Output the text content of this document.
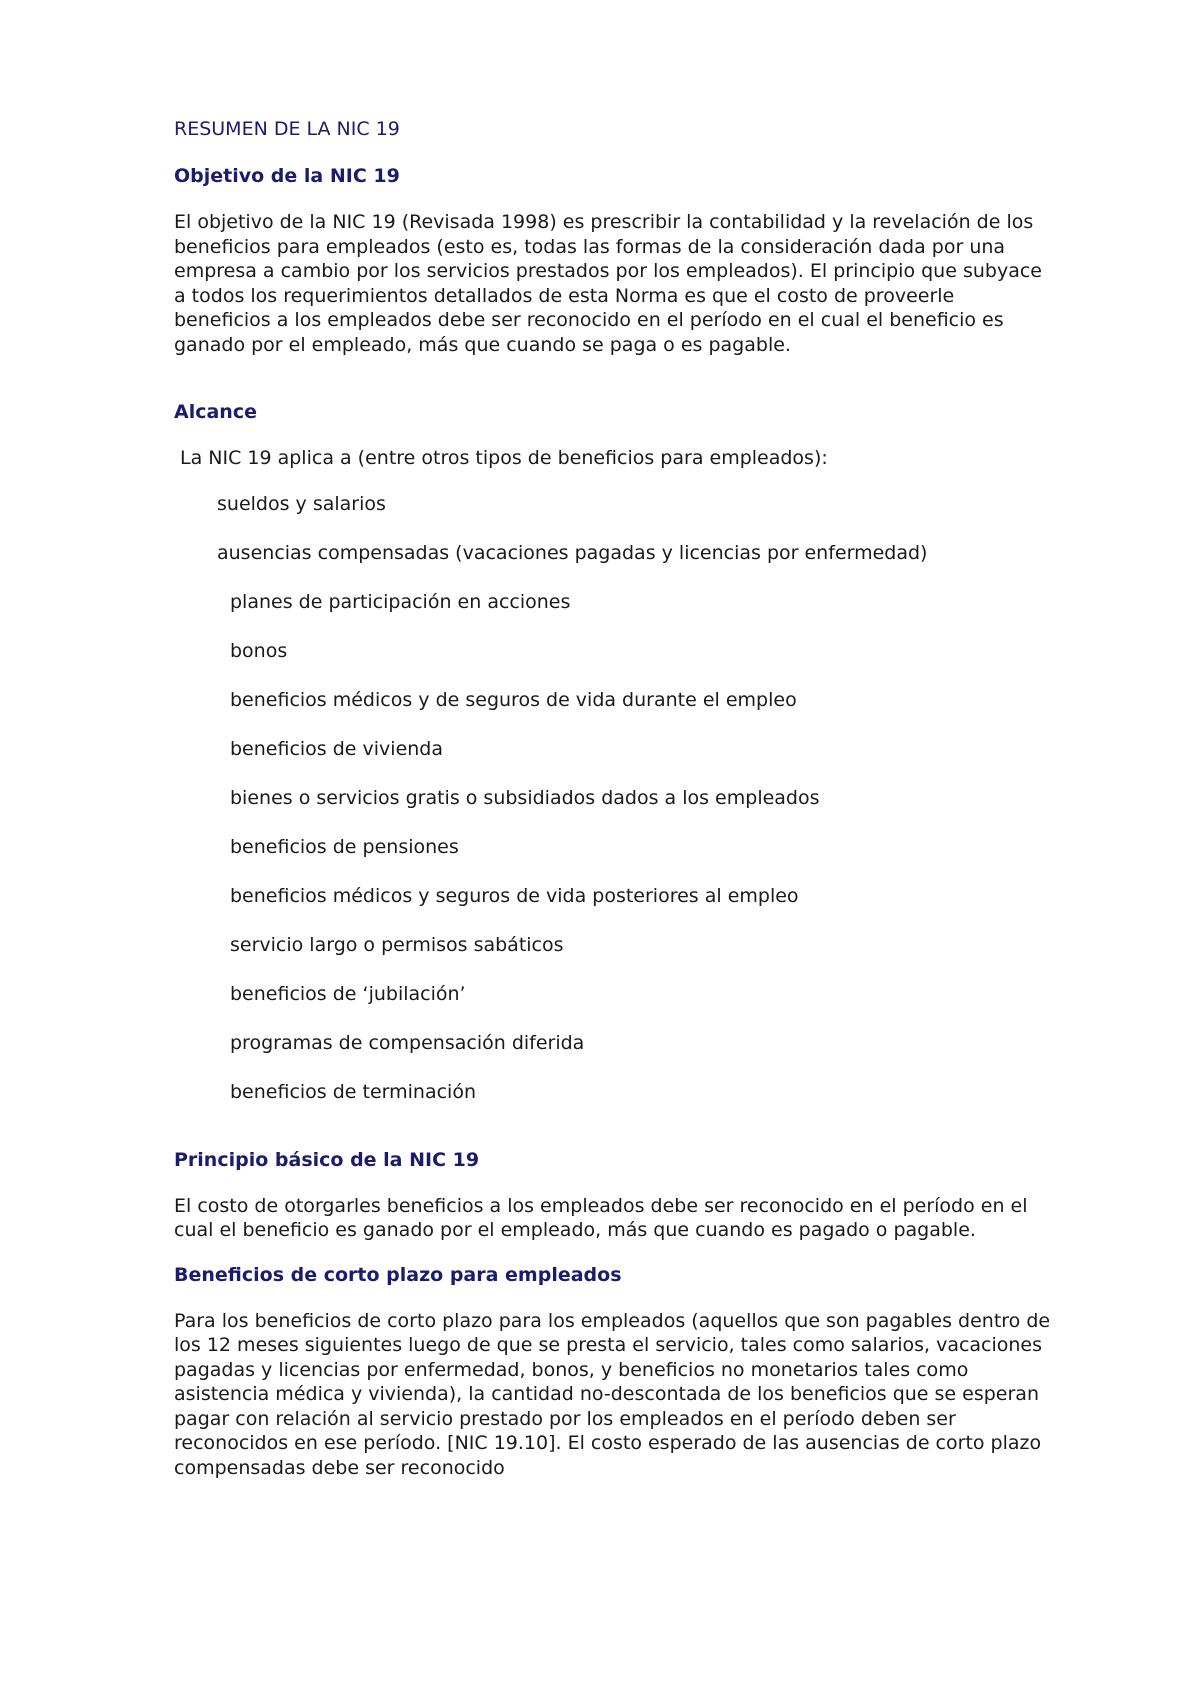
RESUMEN DE LA NIC 19
Objetivo de la NIC 19

El objetivo de la NIC 19 (Revisada 1998) es prescribir la contabilidad y la revelación de los beneficios para empleados (esto es, todas las formas de la consideración dada por una empresa a cambio por los servicios prestados por los empleados). El principio que subyace a todos los requerimientos detallados de esta Norma es que el costo de proveerle beneficios a los empleados debe ser reconocido en el período en el cual el beneficio es ganado por el empleado, más que cuando se paga o es pagable.

Alcance

La NIC 19 aplica a (entre otros tipos de beneficios para empleados):

sueldos y salarios
ausencias compensadas (vacaciones pagadas y licencias por enfermedad)
planes de participación en acciones
bonos
beneficios médicos y de seguros de vida durante el empleo
beneficios de vivienda
bienes o servicios gratis o subsidiados dados a los empleados
beneficios de pensiones
beneficios médicos y seguros de vida posteriores al empleo
servicio largo o permisos sabáticos
beneficios de ‘jubilación’
programas de compensación diferida
beneficios de terminación
Principio básico de la NIC 19

El costo de otorgarles beneficios a los empleados debe ser reconocido en el período en el cual el beneficio es ganado por el empleado, más que cuando es pagado o pagable.

Beneficios de corto plazo para empleados

Para los beneficios de corto plazo para los empleados (aquellos que son pagables dentro de los 12 meses siguientes luego de que se presta el servicio, tales como salarios, vacaciones pagadas y licencias por enfermedad, bonos, y beneficios no monetarios tales como asistencia médica y vivienda), la cantidad no-descontada de los beneficios que se esperan pagar con relación al servicio prestado por los empleados en el período deben ser reconocidos en ese período. [NIC 19.10]. El costo esperado de las ausencias de corto plazo compensadas debe ser reconocido
